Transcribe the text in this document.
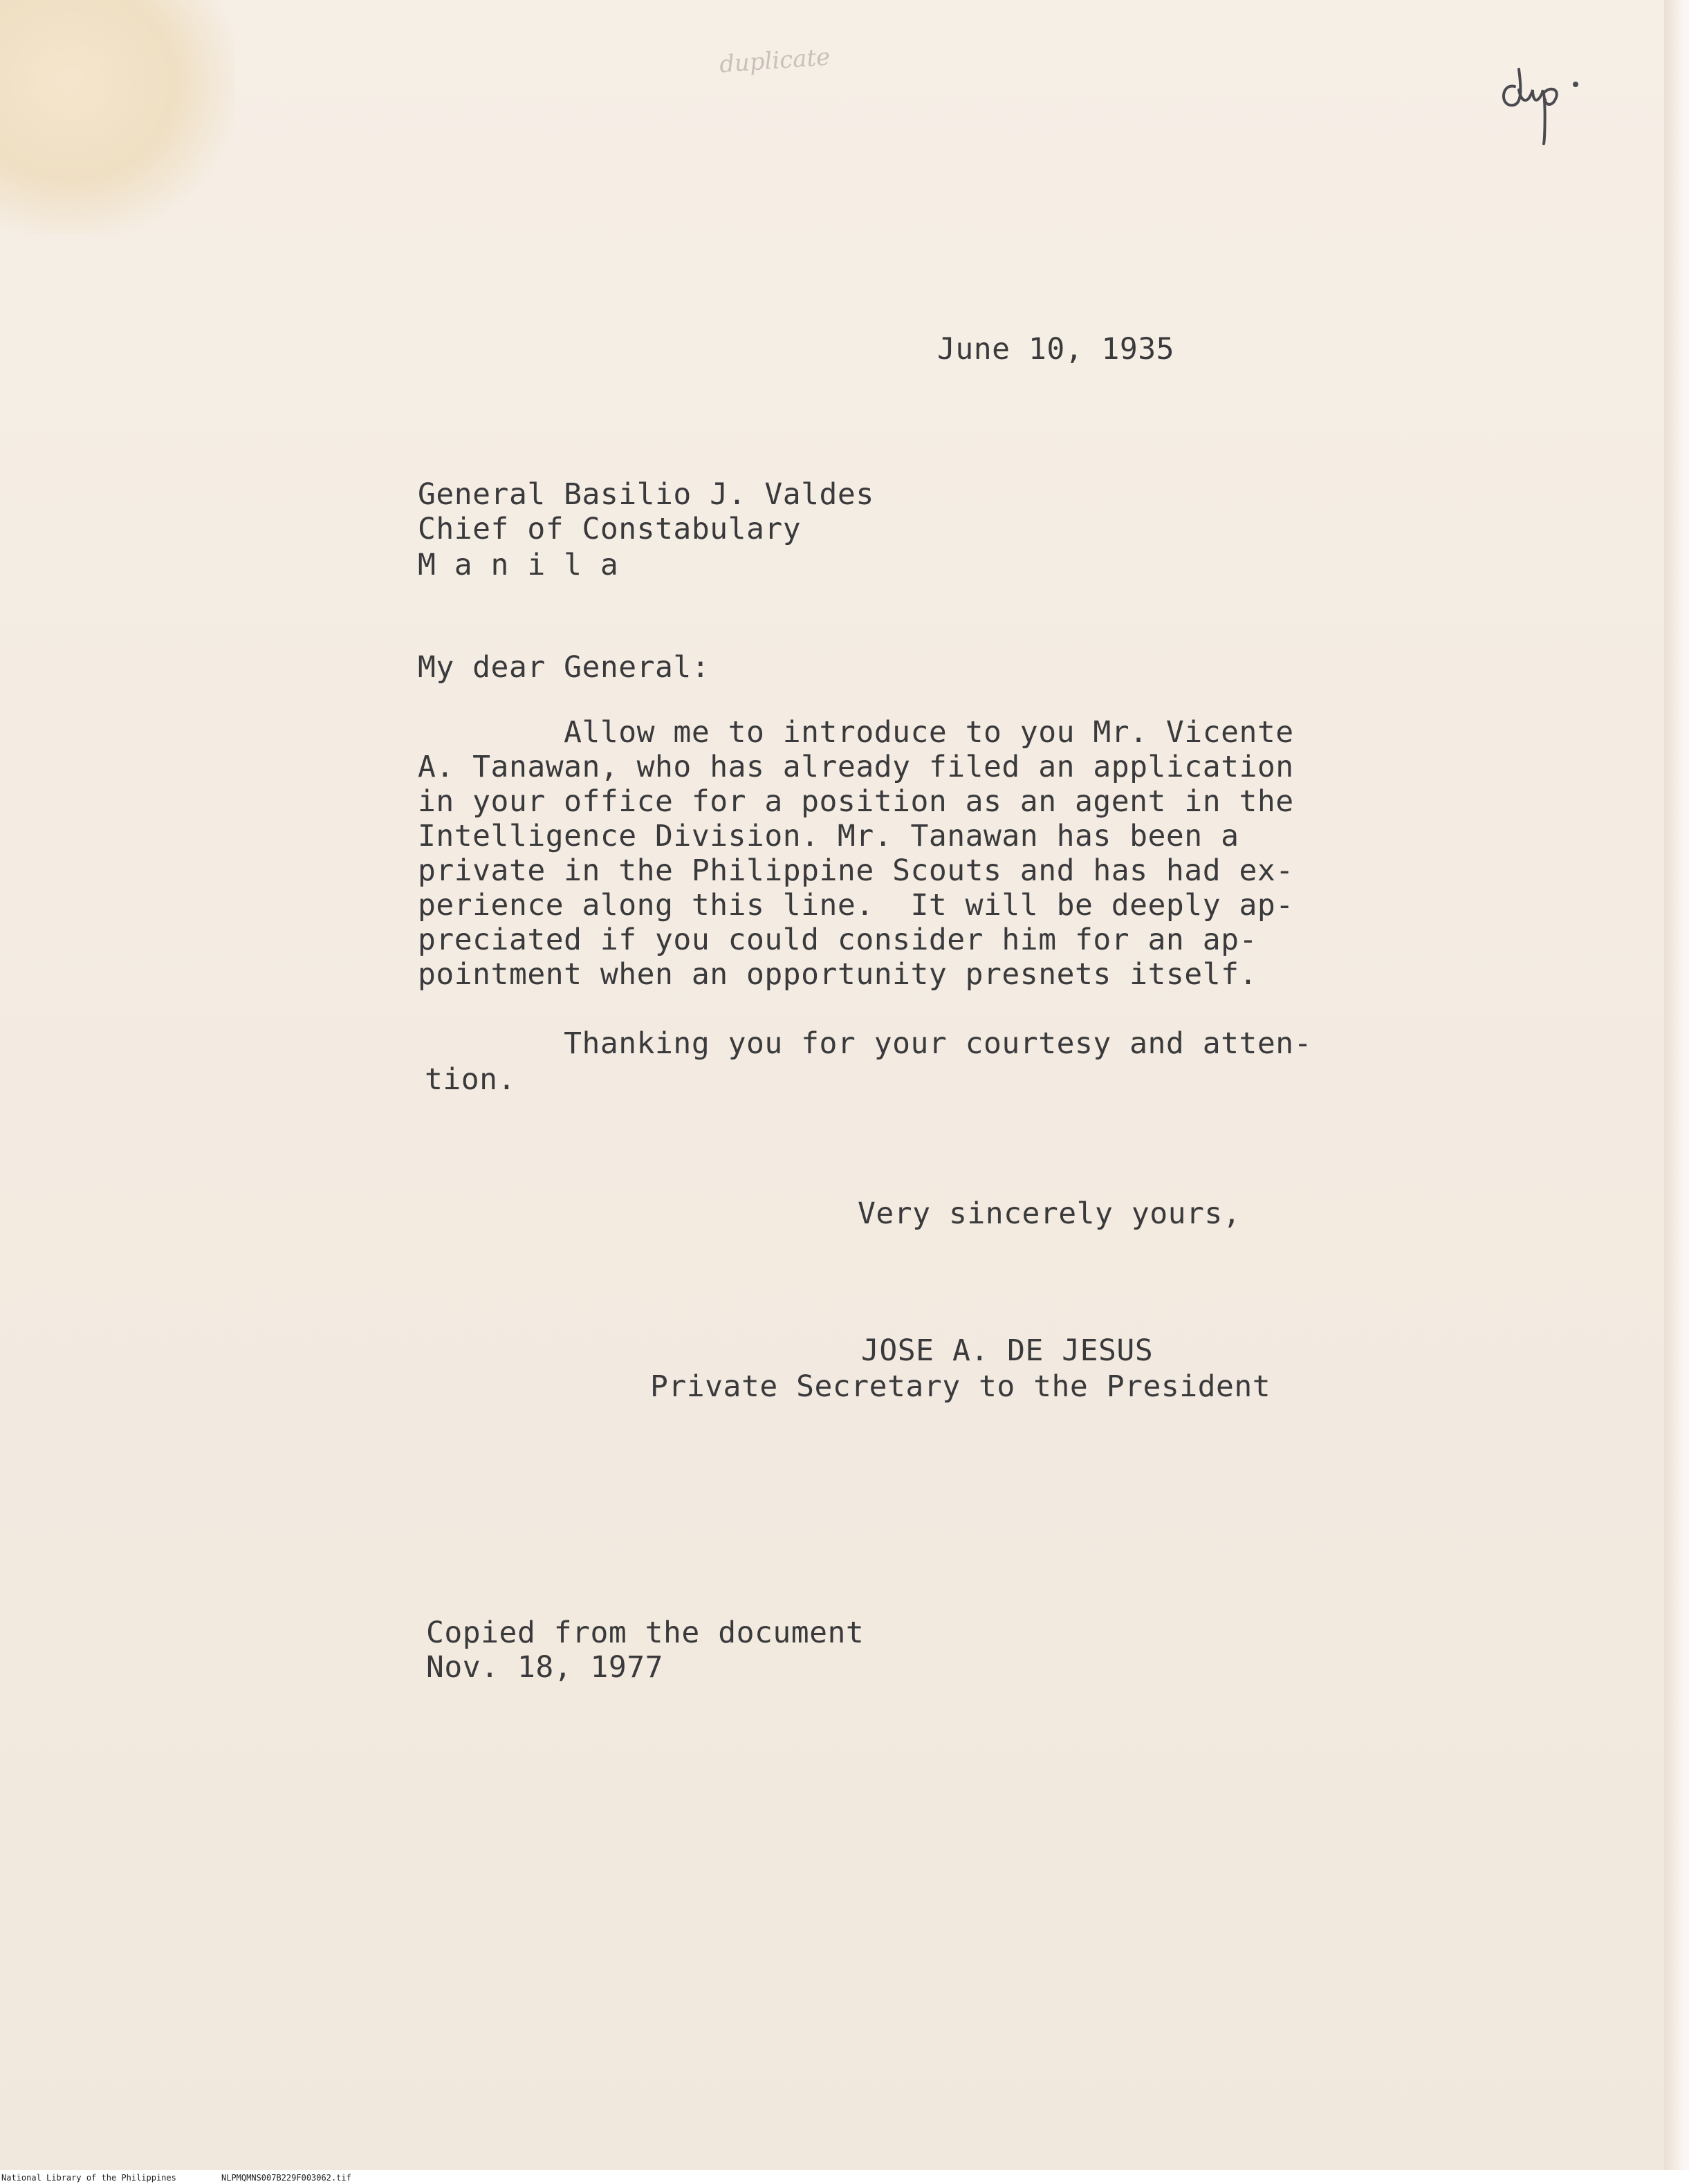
duplicate
June 10, 1935
General Basilio J. Valdes
Chief of Constabulary
M a n i l a
My dear General:
Allow me to introduce to you Mr. Vicente
A. Tanawan, who has already filed an application
in your office for a position as an agent in the
Intelligence Division. Mr. Tanawan has been a
private in the Philippine Scouts and has had ex-
perience along this line.  It will be deeply ap-
preciated if you could consider him for an ap-
pointment when an opportunity presnets itself.
Thanking you for your courtesy and atten-
tion.
Very sincerely yours,
JOSE A. DE JESUS
Private Secretary to the President
Copied from the document
Nov. 18, 1977
National Library of the Philippines	NLPMQMNS007B229F003062.tif
